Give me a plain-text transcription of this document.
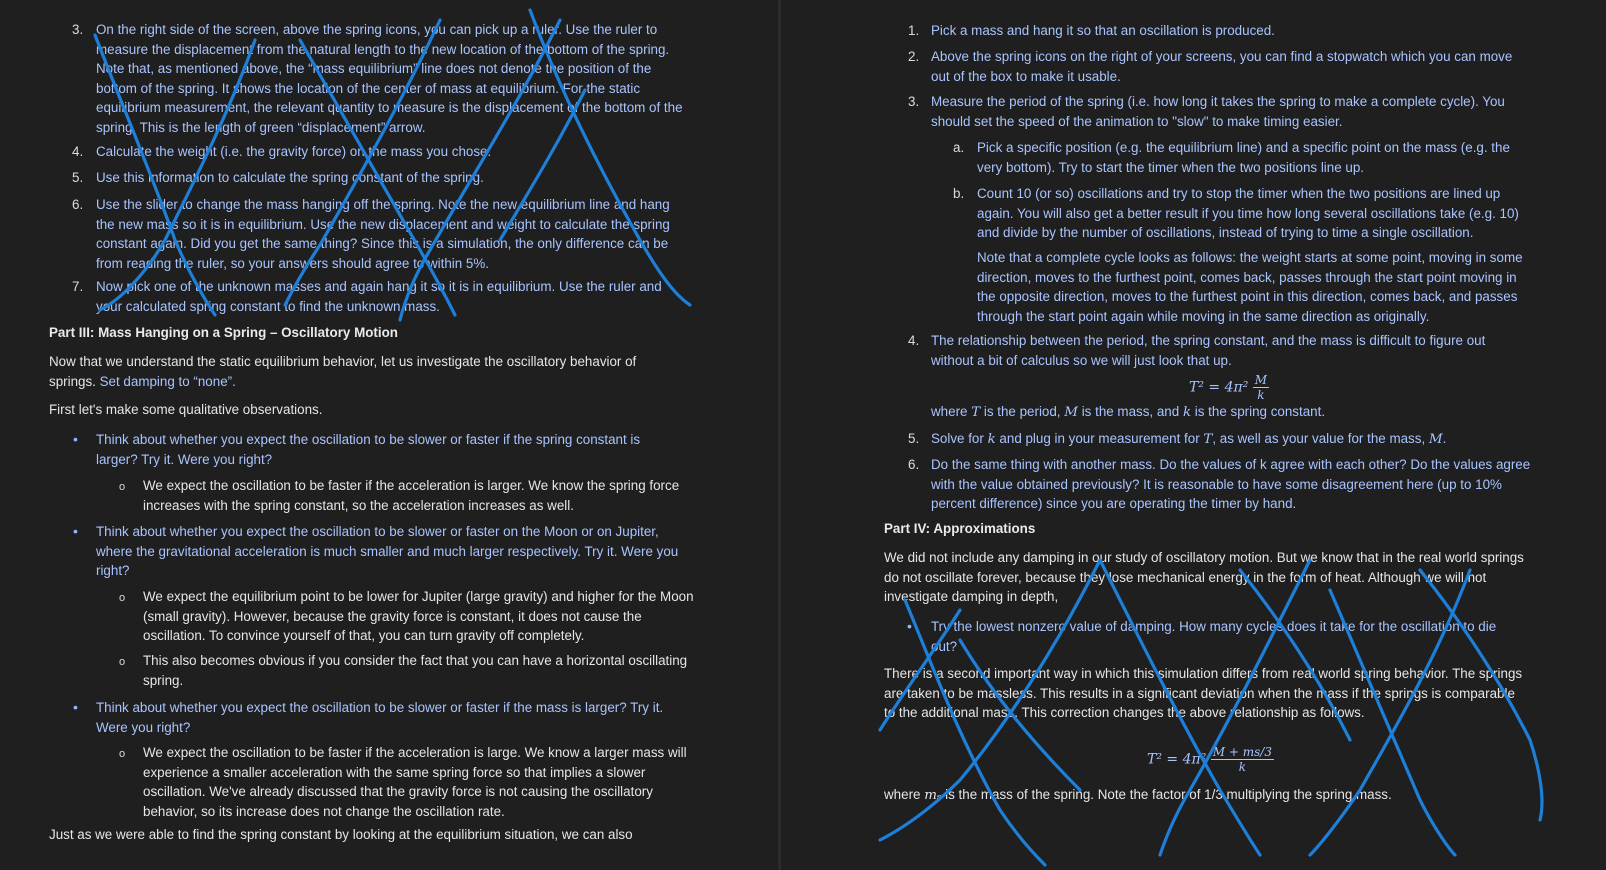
3. On the right side of the screen, above the spring icons, you can pick up a ruler. Use the ruler to measure the displacement from the natural length to the new location of the bottom of the spring. Note that, as mentioned above, the “mass equilibrium” line does not denote the position of the bottom of the spring. It shows the location of the center of mass at equilibrium. For the static equilibrium measurement, the relevant quantity to measure is the displacement of the bottom of the spring. This is the length of green “displacement” arrow.
4. Calculate the weight (i.e. the gravity force) on the mass you chose.
5. Use this information to calculate the spring constant of the spring.
6. Use the slider to change the mass hanging off the spring. Note the new equilibrium line and hang the new mass so it is in equilibrium. Use the new displacement and weight to calculate the spring constant again. Did you get the same thing? Since this is a simulation, the only difference can be from reading the ruler, so your answers should agree to within 5%.
7. Now pick one of the unknown masses and again hang it so it is in equilibrium. Use the ruler and your calculated spring constant to find the unknown mass.
Part III: Mass Hanging on a Spring – Oscillatory Motion
Now that we understand the static equilibrium behavior, let us investigate the oscillatory behavior of springs. Set damping to “none”.
First let's make some qualitative observations.
• Think about whether you expect the oscillation to be slower or faster if the spring constant is larger? Try it. Were you right?
o We expect the oscillation to be faster if the acceleration is larger. We know the spring force increases with the spring constant, so the acceleration increases as well.
• Think about whether you expect the oscillation to be slower or faster on the Moon or on Jupiter, where the gravitational acceleration is much smaller and much larger respectively. Try it. Were you right?
o We expect the equilibrium point to be lower for Jupiter (large gravity) and higher for the Moon (small gravity). However, because the gravity force is constant, it does not cause the oscillation. To convince yourself of that, you can turn gravity off completely.
o This also becomes obvious if you consider the fact that you can have a horizontal oscillating spring.
• Think about whether you expect the oscillation to be slower or faster if the mass is larger? Try it. Were you right?
o We expect the oscillation to be faster if the acceleration is large. We know a larger mass will experience a smaller acceleration with the same spring force so that implies a slower oscillation. We've already discussed that the gravity force is not causing the oscillatory behavior, so its increase does not change the oscillation rate.
Just as we were able to find the spring constant by looking at the equilibrium situation, we can also
1. Pick a mass and hang it so that an oscillation is produced.
2. Above the spring icons on the right of your screens, you can find a stopwatch which you can move out of the box to make it usable.
3. Measure the period of the spring (i.e. how long it takes the spring to make a complete cycle). You should set the speed of the animation to "slow" to make timing easier.
a. Pick a specific position (e.g. the equilibrium line) and a specific point on the mass (e.g. the very bottom). Try to start the timer when the two positions line up.
b. Count 10 (or so) oscillations and try to stop the timer when the two positions are lined up again. You will also get a better result if you time how long several oscillations take (e.g. 10) and divide by the number of oscillations, instead of trying to time a single oscillation.
Note that a complete cycle looks as follows: the weight starts at some point, moving in some direction, moves to the furthest point, comes back, passes through the start point moving in the opposite direction, moves to the furthest point in this direction, comes back, and passes through the start point again while moving in the same direction as originally.
4. The relationship between the period, the spring constant, and the mass is difficult to figure out without a bit of calculus so we will just look that up.
$T^2 = 4\pi^2 \frac{M}{k}$
where T is the period, M is the mass, and k is the spring constant.
5. Solve for k and plug in your measurement for T, as well as your value for the mass, M.
6. Do the same thing with another mass. Do the values of k agree with each other? Do the values agree with the value obtained previously? It is reasonable to have some disagreement here (up to 10% percent difference) since you are operating the timer by hand.
Part IV: Approximations
We did not include any damping in our study of oscillatory motion. But we know that in the real world springs do not oscillate forever, because they lose mechanical energy in the form of heat. Although we will not investigate damping in depth,
• Try the lowest nonzero value of damping. How many cycles does it take for the oscillation to die out?
There is a second important way in which this simulation differs from real world spring behavior. The springs are taken to be massless. This results in a significant deviation when the mass if the springs is comparable to the additional mass. This correction changes the above relationship as follows.
$T^2 = 4\pi^2 \frac{M + ms/3}{k}$
where mₛ is the mass of the spring. Note the factor of 1/3 multiplying the spring mass.
